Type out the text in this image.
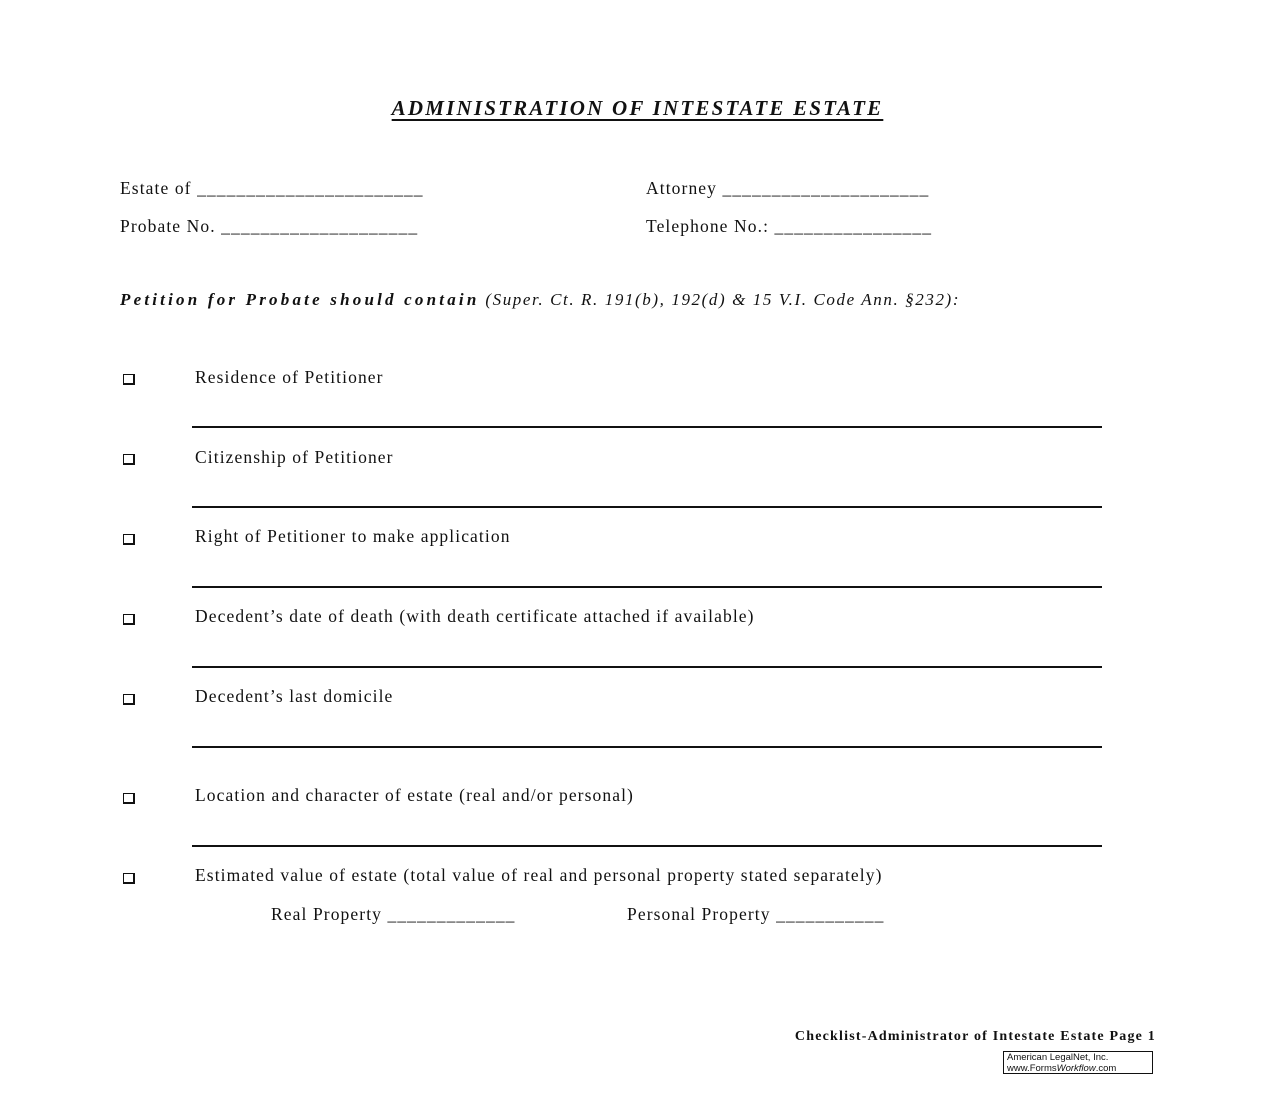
ADMINISTRATION OF INTESTATE ESTATE
Estate of _______________________	Attorney _____________________
Probate No. ____________________	Telephone No.: ________________
Petition for Probate should contain (Super. Ct. R. 191(b), 192(d) & 15 V.I. Code Ann. §232):
Residence of Petitioner
Citizenship of Petitioner
Right of Petitioner to make application
Decedent’s date of death (with death certificate attached if available)
Decedent’s last domicile
Location and character of estate (real and/or personal)
Estimated value of estate (total value of real and personal property stated separately)
Real Property _____________	Personal Property ___________
Checklist-Administrator of Intestate Estate Page 1
American LegalNet, Inc.
www.FormsWorkflow.com
